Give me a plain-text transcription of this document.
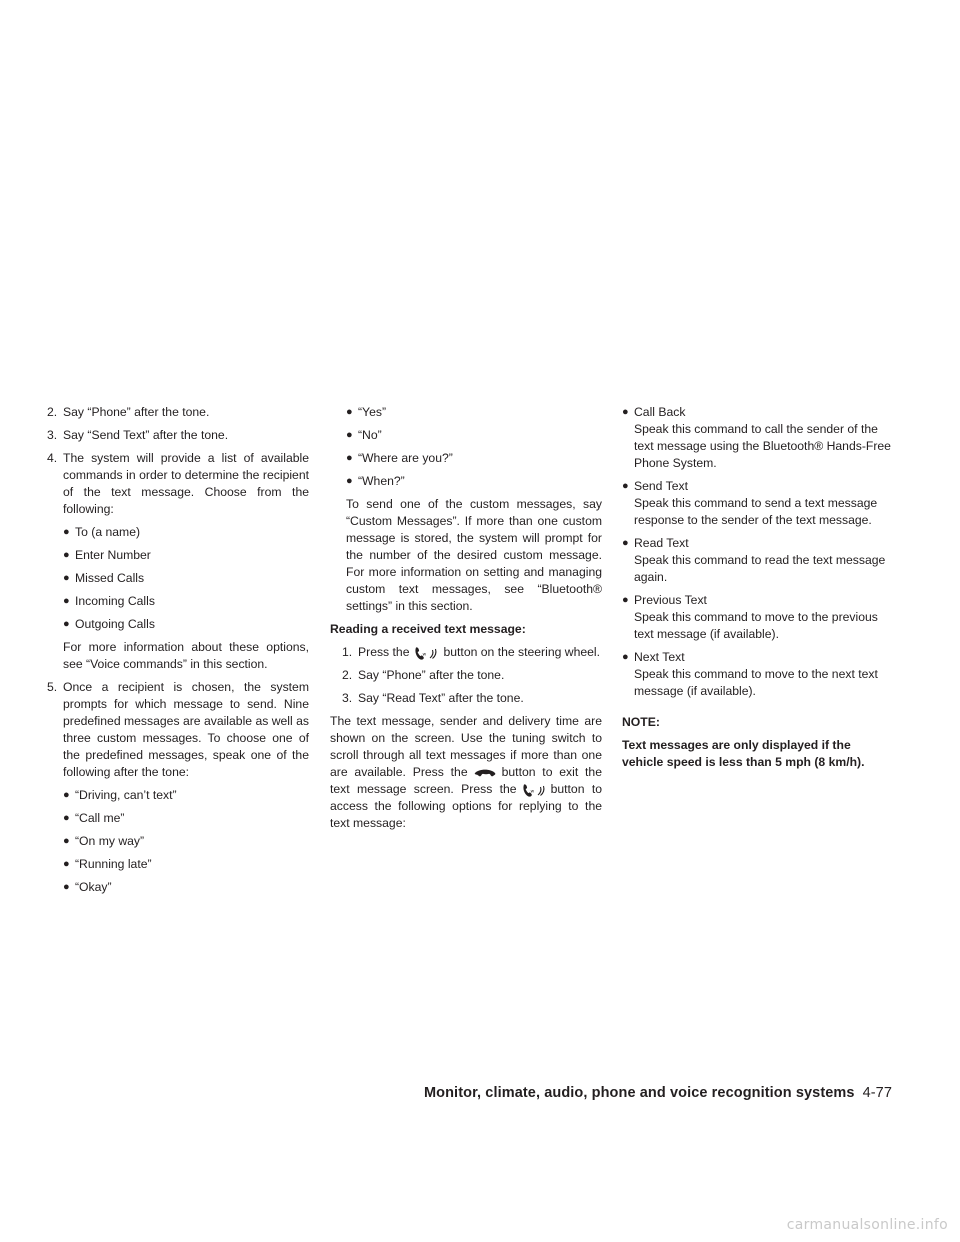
2. Say “Phone” after the tone.
3. Say “Send Text” after the tone.
4. The system will provide a list of available commands in order to determine the recipient of the text message. Choose from the following:
● To (a name)
● Enter Number
● Missed Calls
● Incoming Calls
● Outgoing Calls
For more information about these options, see “Voice commands” in this section.
5. Once a recipient is chosen, the system prompts for which message to send. Nine predefined messages are available as well as three custom messages. To choose one of the predefined messages, speak one of the following after the tone:
● “Driving, can’t text”
● “Call me”
● “On my way”
● “Running late”
● “Okay”
● “Yes”
● “No”
● “Where are you?”
● “When?”
To send one of the custom messages, say “Custom Messages”. If more than one custom message is stored, the system will prompt for the number of the desired custom message. For more information on setting and managing custom text messages, see “Bluetooth® settings” in this section.
Reading a received text message:
1. Press the	w button on the steering wheel.
2. Say “Phone” after the tone.
3. Say “Read Text” after the tone.
The text message, sender and delivery time are shown on the screen. Use the tuning switch to scroll through all text messages if more than one are available. Press the	button to exit the text message screen. Press the	w button to access the following options for replying to the text message:
● Call Back
Speak this command to call the sender of the text message using the Bluetooth® Hands-Free Phone System.
● Send Text
Speak this command to send a text message response to the sender of the text message.
● Read Text
Speak this command to read the text message again.
● Previous Text
Speak this command to move to the previous text message (if available).
● Next Text
Speak this command to move to the next text message (if available).
NOTE:
Text messages are only displayed if the vehicle speed is less than 5 mph (8 km/h).
Monitor, climate, audio, phone and voice recognition systems 4-77
carmanualsonline.info
